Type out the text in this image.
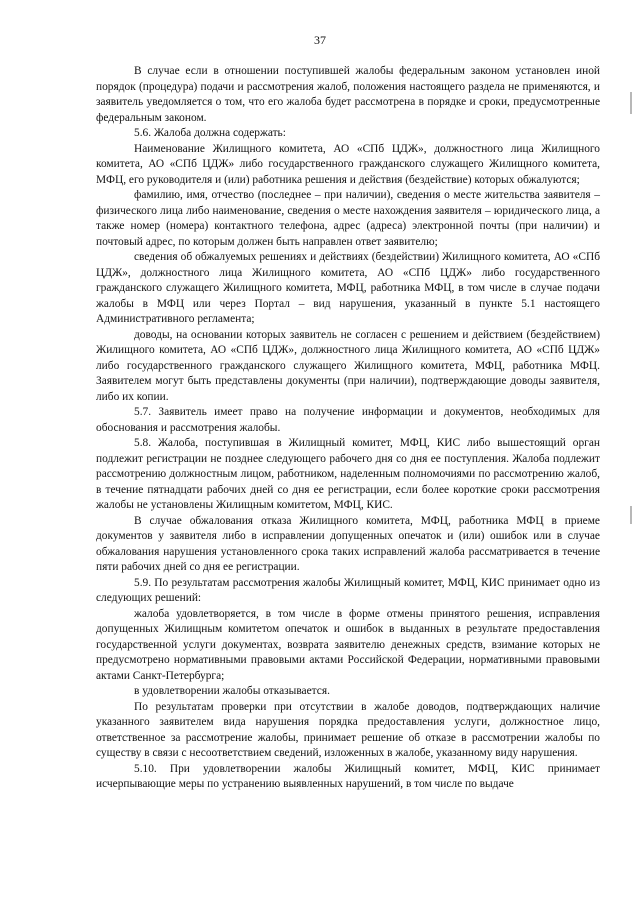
37

В случае если в отношении поступившей жалобы федеральным законом установлен иной порядок (процедура) подачи и рассмотрения жалоб, положения настоящего раздела не применяются, и заявитель уведомляется о том, что его жалоба будет рассмотрена в порядке и сроки, предусмотренные федеральным законом.

5.6. Жалоба должна содержать:

Наименование Жилищного комитета, АО «СПб ЦДЖ», должностного лица Жилищного комитета, АО «СПб ЦДЖ» либо государственного гражданского служащего Жилищного комитета, МФЦ, его руководителя и (или) работника решения и действия (бездействие) которых обжалуются;

фамилию, имя, отчество (последнее – при наличии), сведения о месте жительства заявителя – физического лица либо наименование, сведения о месте нахождения заявителя – юридического лица, а также номер (номера) контактного телефона, адрес (адреса) электронной почты (при наличии) и почтовый адрес, по которым должен быть направлен ответ заявителю;

сведения об обжалуемых решениях и действиях (бездействии) Жилищного комитета, АО «СПб ЦДЖ», должностного лица Жилищного комитета, АО «СПб ЦДЖ» либо государственного гражданского служащего Жилищного комитета, МФЦ, работника МФЦ, в том числе в случае подачи жалобы в МФЦ или через Портал – вид нарушения, указанный в пункте 5.1 настоящего Административного регламента;

доводы, на основании которых заявитель не согласен с решением и действием (бездействием) Жилищного комитета, АО «СПб ЦДЖ», должностного лица Жилищного комитета, АО «СПб ЦДЖ» либо государственного гражданского служащего Жилищного комитета, МФЦ, работника МФЦ. Заявителем могут быть представлены документы (при наличии), подтверждающие доводы заявителя, либо их копии.

5.7. Заявитель имеет право на получение информации и документов, необходимых для обоснования и рассмотрения жалобы.

5.8. Жалоба, поступившая в Жилищный комитет, МФЦ, КИС либо вышестоящий орган подлежит регистрации не позднее следующего рабочего дня со дня ее поступления. Жалоба подлежит рассмотрению должностным лицом, работником, наделенным полномочиями по рассмотрению жалоб, в течение пятнадцати рабочих дней со дня ее регистрации, если более короткие сроки рассмотрения жалобы не установлены Жилищным комитетом, МФЦ, КИС.

В случае обжалования отказа Жилищного комитета, МФЦ, работника МФЦ в приеме документов у заявителя либо в исправлении допущенных опечаток и (или) ошибок или в случае обжалования нарушения установленного срока таких исправлений жалоба рассматривается в течение пяти рабочих дней со дня ее регистрации.

5.9. По результатам рассмотрения жалобы Жилищный комитет, МФЦ, КИС принимает одно из следующих решений:

жалоба удовлетворяется, в том числе в форме отмены принятого решения, исправления допущенных Жилищным комитетом опечаток и ошибок в выданных в результате предоставления государственной услуги документах, возврата заявителю денежных средств, взимание которых не предусмотрено нормативными правовыми актами Российской Федерации, нормативными правовыми актами Санкт-Петербурга;

в удовлетворении жалобы отказывается.

По результатам проверки при отсутствии в жалобе доводов, подтверждающих наличие указанного заявителем вида нарушения порядка предоставления услуги, должностное лицо, ответственное за рассмотрение жалобы, принимает решение об отказе в рассмотрении жалобы по существу в связи с несоответствием сведений, изложенных в жалобе, указанному виду нарушения.

5.10. При удовлетворении жалобы Жилищный комитет, МФЦ, КИС принимает исчерпывающие меры по устранению выявленных нарушений, в том числе по выдаче
